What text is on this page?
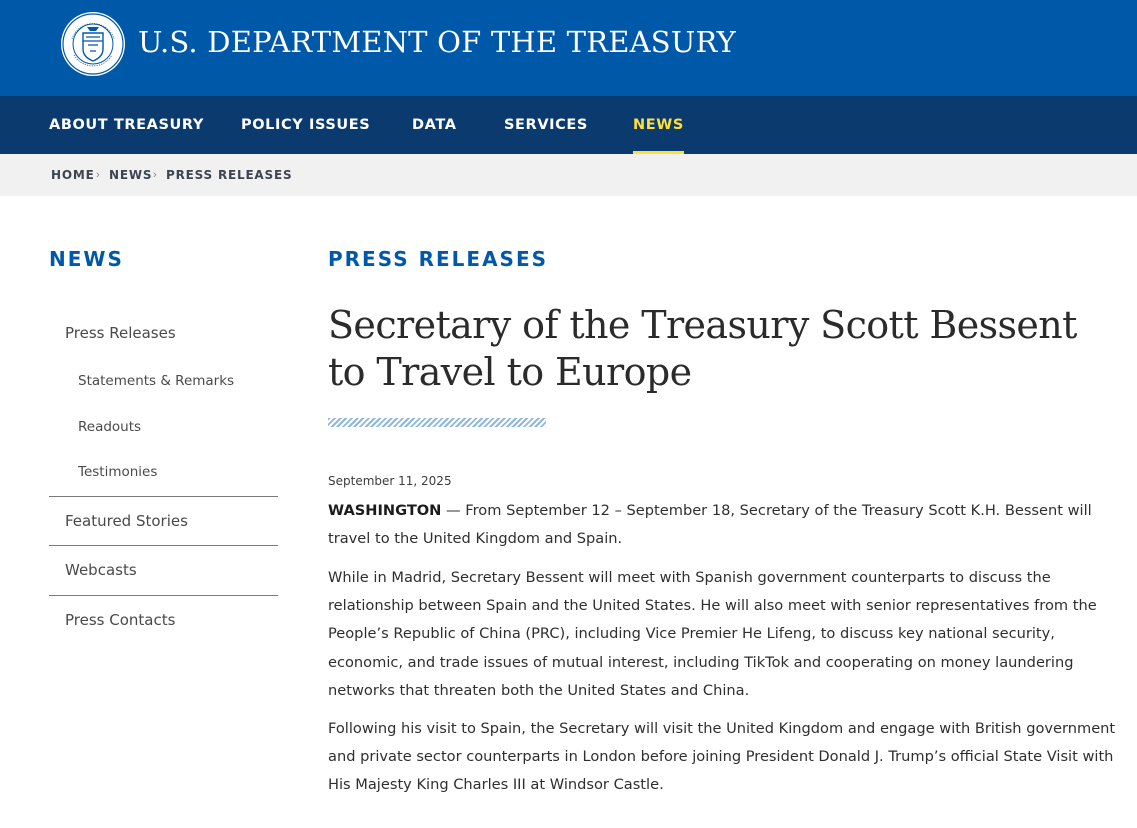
U.S. DEPARTMENT OF THE TREASURY
ABOUT TREASURY	POLICY ISSUES	DATA	SERVICES	NEWS
HOME › NEWS › PRESS RELEASES
NEWS
Press Releases
Statements & Remarks
Readouts
Testimonies
Featured Stories
Webcasts
Press Contacts
PRESS RELEASES
Secretary of the Treasury Scott Bessent to Travel to Europe
September 11, 2025

WASHINGTON — From September 12 – September 18, Secretary of the Treasury Scott K.H. Bessent will travel to the United Kingdom and Spain.

While in Madrid, Secretary Bessent will meet with Spanish government counterparts to discuss the relationship between Spain and the United States. He will also meet with senior representatives from the People’s Republic of China (PRC), including Vice Premier He Lifeng, to discuss key national security, economic, and trade issues of mutual interest, including TikTok and cooperating on money laundering networks that threaten both the United States and China.

Following his visit to Spain, the Secretary will visit the United Kingdom and engage with British government and private sector counterparts in London before joining President Donald J. Trump’s official State Visit with His Majesty King Charles III at Windsor Castle.
